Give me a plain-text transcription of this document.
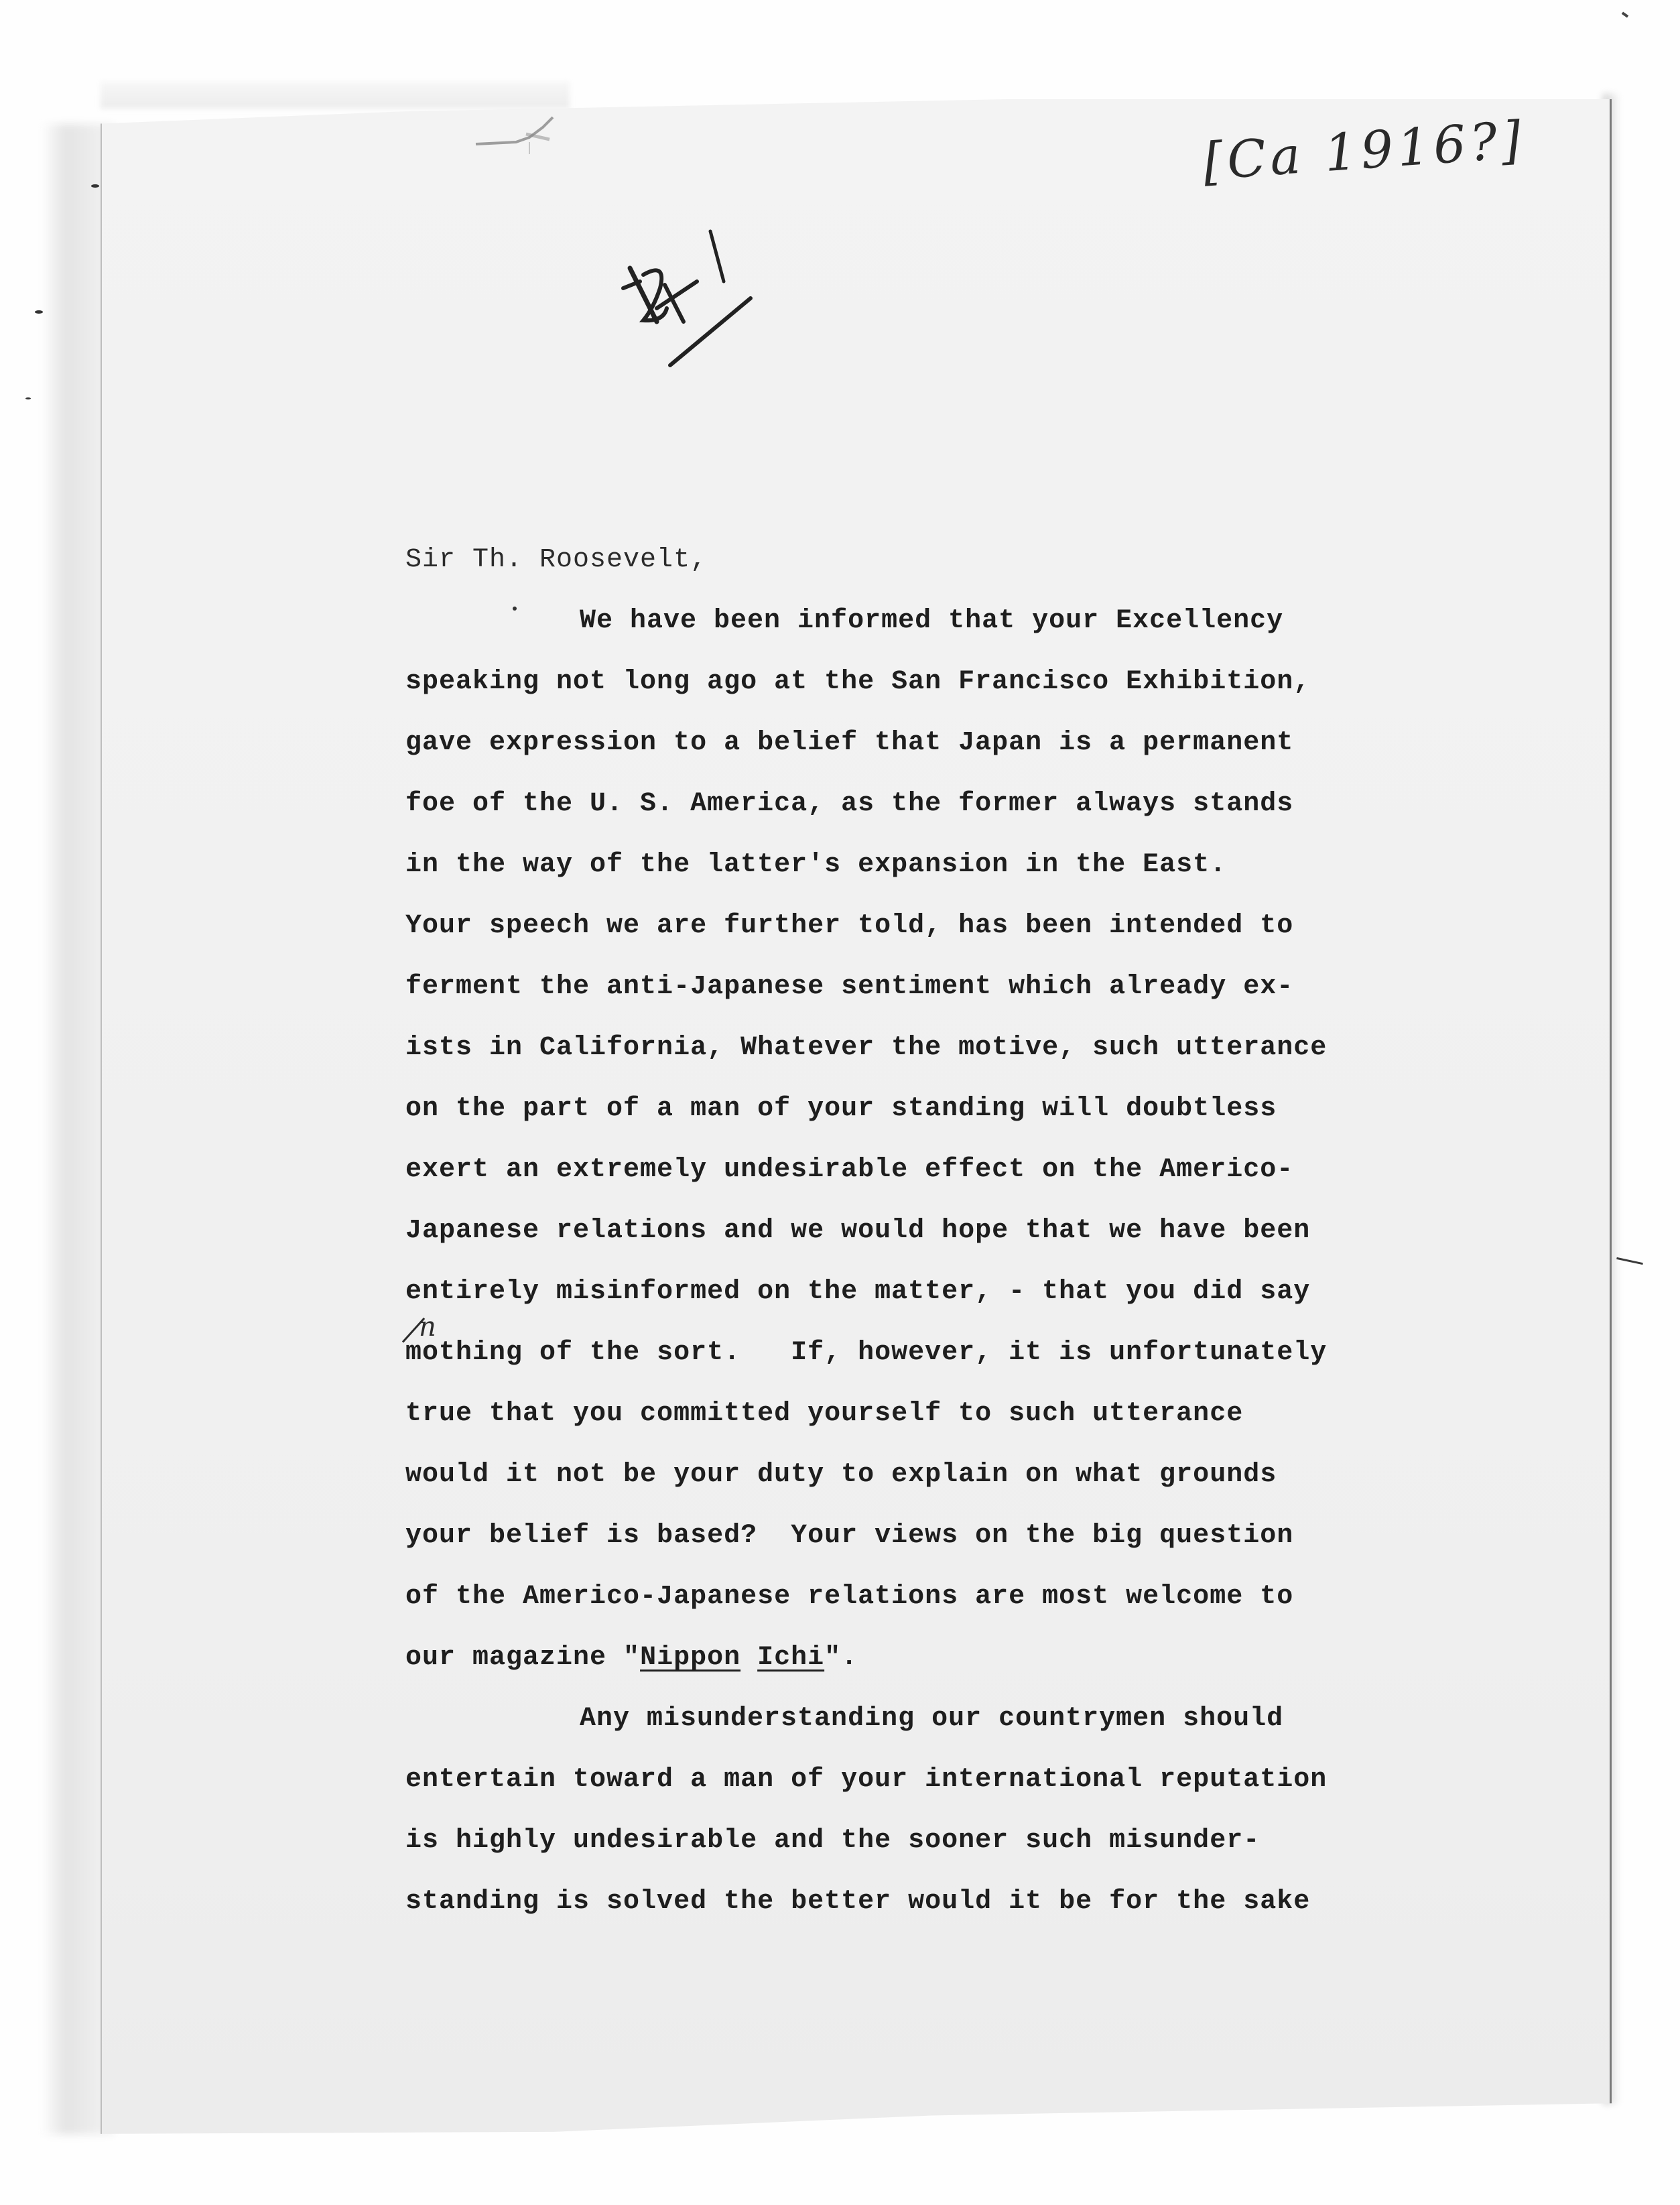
[Ca 1916?]
Sir Th. Roosevelt,
We have been informed that your Excellency
speaking not long ago at the San Francisco Exhibition,
gave expression to a belief that Japan is a permanent
foe of the U. S. America, as the former always stands
in the way of the latter's expansion in the East.
Your speech we are further told, has been intended to
ferment the anti-Japanese sentiment which already ex-
ists in California, Whatever the motive, such utterance
on the part of a man of your standing will doubtless
exert an extremely undesirable effect on the Americo-
Japanese relations and we would hope that we have been
entirely misinformed on the matter, - that you did say
m
n
othing of the sort.   If, however, it is unfortunately
true that you committed yourself to such utterance
would it not be your duty to explain on what grounds
your belief is based?  Your views on the big question
of the Americo-Japanese relations are most welcome to
our magazine "Nippon Ichi".
Any misunderstanding our countrymen should
entertain toward a man of your international reputation
is highly undesirable and the sooner such misunder-
standing is solved the better would it be for the sake
